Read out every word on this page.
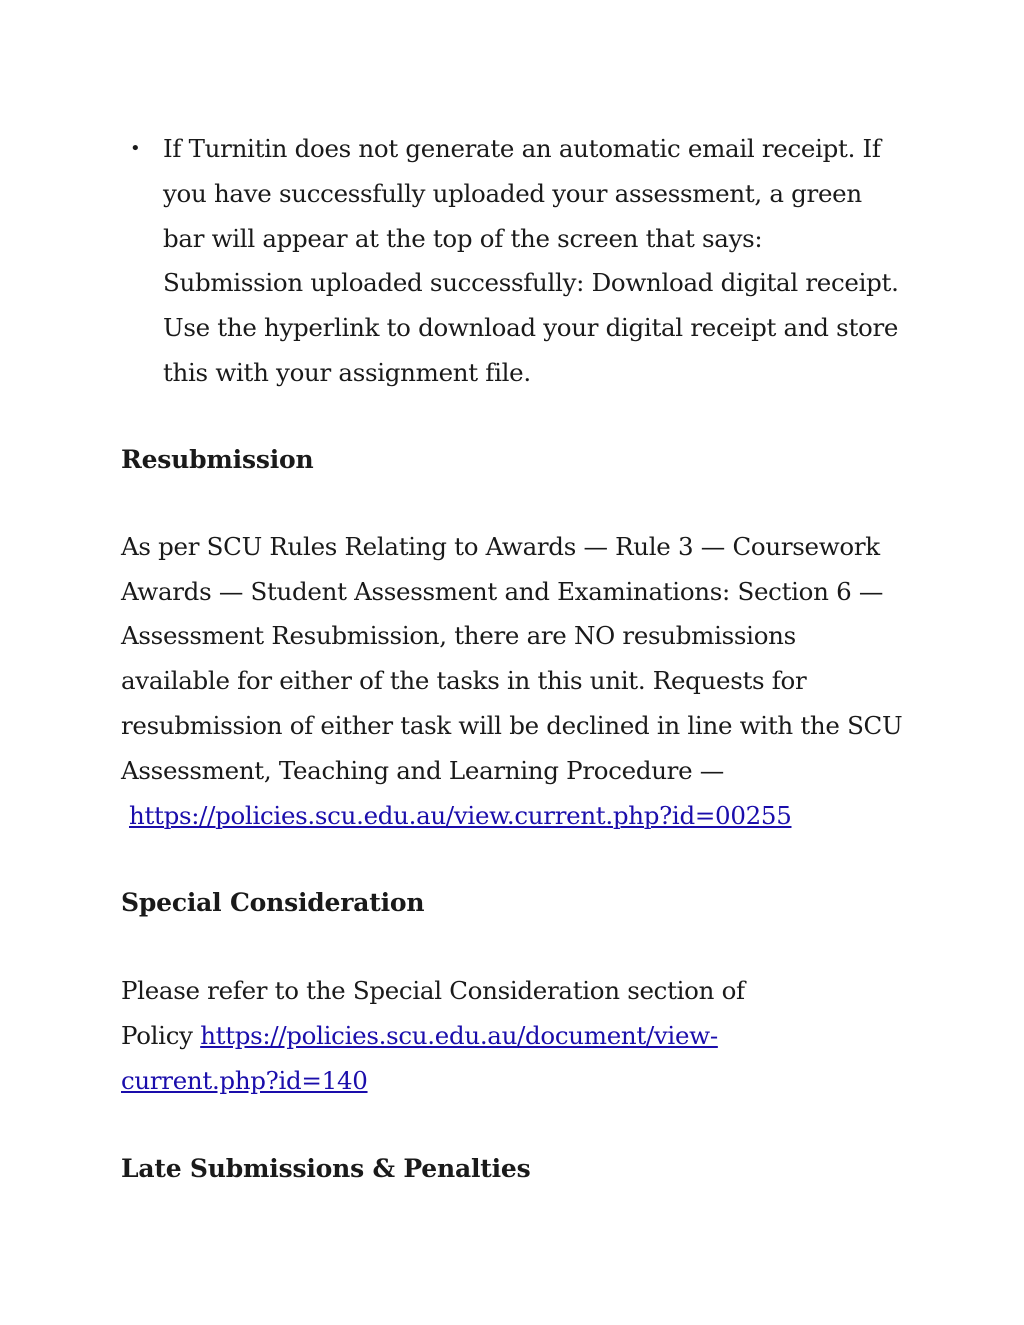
• If Turnitin does not generate an automatic email receipt. If you have successfully uploaded your assessment, a green bar will appear at the top of the screen that says: Submission uploaded successfully: Download digital receipt. Use the hyperlink to download your digital receipt and store this with your assignment file.
Resubmission

As per SCU Rules Relating to Awards — Rule 3 — Coursework Awards — Student Assessment and Examinations: Section 6 — Assessment Resubmission, there are NO resubmissions available for either of the tasks in this unit. Requests for resubmission of either task will be declined in line with the SCU Assessment, Teaching and Learning Procedure —
https://policies.scu.edu.au/view.current.php?id=00255

Special Consideration

Please refer to the Special Consideration section of
Policy https://policies.scu.edu.au/document/view-
current.php?id=140

Late Submissions & Penalties
